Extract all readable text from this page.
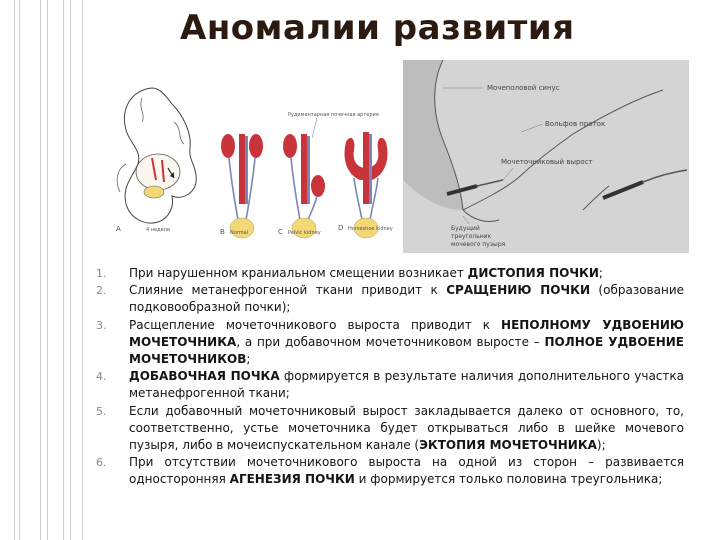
Аномалии развития
А	4 недели
Рудиментарная почечная артерия
В Normal	С Pelvic kidney
D Horseshoe kidney
Мочеполовой синус
Вольфов проток
Мочеточниковый вырост
Будущий
треугольник
мочевого пузыря
1.	При нарушенном краниальном смещении возникает ДИСТОПИЯ ПОЧКИ;
2.	Слияние метанефрогенной ткани приводит к СРАЩЕНИЮ ПОЧКИ (образование подковообразной почки);
3.	Расщепление мочеточникового выроста приводит к НЕПОЛНОМУ УДВОЕНИЮ МОЧЕТОЧНИКА, а при добавочном мочеточниковом выросте – ПОЛНОЕ УДВОЕНИЕ МОЧЕТОЧНИКОВ;
4.	ДОБАВОЧНАЯ ПОЧКА формируется в результате наличия дополнительного участка метанефрогенной ткани;
5.	Если добавочный мочеточниковый вырост закладывается далеко от основного, то, соответственно, устье мочеточника будет открываться либо в шейке мочевого пузыря, либо в мочеиспускательном канале (ЭКТОПИЯ МОЧЕТОЧНИКА);
6.	При отсутствии мочеточникового выроста на одной из сторон – развивается односторонняя АГЕНЕЗИЯ ПОЧКИ и формируется только половина треугольника;
